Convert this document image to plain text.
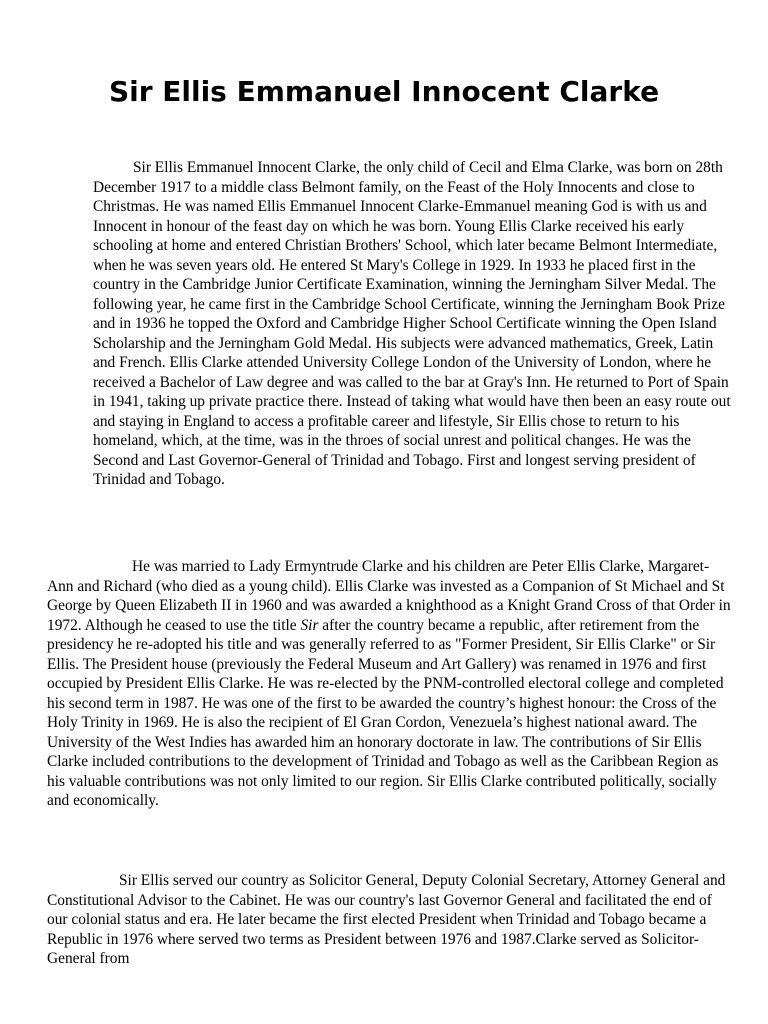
Sir Ellis Emmanuel Innocent Clarke

Sir Ellis Emmanuel Innocent Clarke, the only child of Cecil and Elma Clarke, was born on 28th December 1917 to a middle class Belmont family, on the Feast of the Holy Innocents and close to Christmas. He was named Ellis Emmanuel Innocent Clarke-Emmanuel meaning God is with us and Innocent in honour of the feast day on which he was born. Young Ellis Clarke received his early schooling at home and entered Christian Brothers' School, which later became Belmont Intermediate, when he was seven years old. He entered St Mary's College in 1929. In 1933 he placed first in the country in the Cambridge Junior Certificate Examination, winning the Jerningham Silver Medal. The following year, he came first in the Cambridge School Certificate, winning the Jerningham Book Prize and in 1936 he topped the Oxford and Cambridge Higher School Certificate winning the Open Island Scholarship and the Jerningham Gold Medal. His subjects were advanced mathematics, Greek, Latin and French. Ellis Clarke attended University College London of the University of London, where he received a Bachelor of Law degree and was called to the bar at Gray's Inn. He returned to Port of Spain in 1941, taking up private practice there. Instead of taking what would have then been an easy route out and staying in England to access a profitable career and lifestyle, Sir Ellis chose to return to his homeland, which, at the time, was in the throes of social unrest and political changes. He was the Second and Last Governor-General of Trinidad and Tobago. First and longest serving president of Trinidad and Tobago.

He was married to Lady Ermyntrude Clarke and his children are Peter Ellis Clarke, Margaret-Ann and Richard (who died as a young child). Ellis Clarke was invested as a Companion of St Michael and St George by Queen Elizabeth II in 1960 and was awarded a knighthood as a Knight Grand Cross of that Order in 1972. Although he ceased to use the title Sir after the country became a republic, after retirement from the presidency he re-adopted his title and was generally referred to as "Former President, Sir Ellis Clarke" or Sir Ellis. The President house (previously the Federal Museum and Art Gallery) was renamed in 1976 and first occupied by President Ellis Clarke. He was re-elected by the PNM-controlled electoral college and completed his second term in 1987. He was one of the first to be awarded the country’s highest honour: the Cross of the Holy Trinity in 1969. He is also the recipient of El Gran Cordon, Venezuela’s highest national award. The University of the West Indies has awarded him an honorary doctorate in law. The contributions of Sir Ellis Clarke included contributions to the development of Trinidad and Tobago as well as the Caribbean Region as his valuable contributions was not only limited to our region. Sir Ellis Clarke contributed politically, socially and economically.

Sir Ellis served our country as Solicitor General, Deputy Colonial Secretary, Attorney General and Constitutional Advisor to the Cabinet. He was our country's last Governor General and facilitated the end of our colonial status and era. He later became the first elected President when Trinidad and Tobago became a Republic in 1976 where served two terms as President between 1976 and 1987.Clarke served as Solicitor-General from
